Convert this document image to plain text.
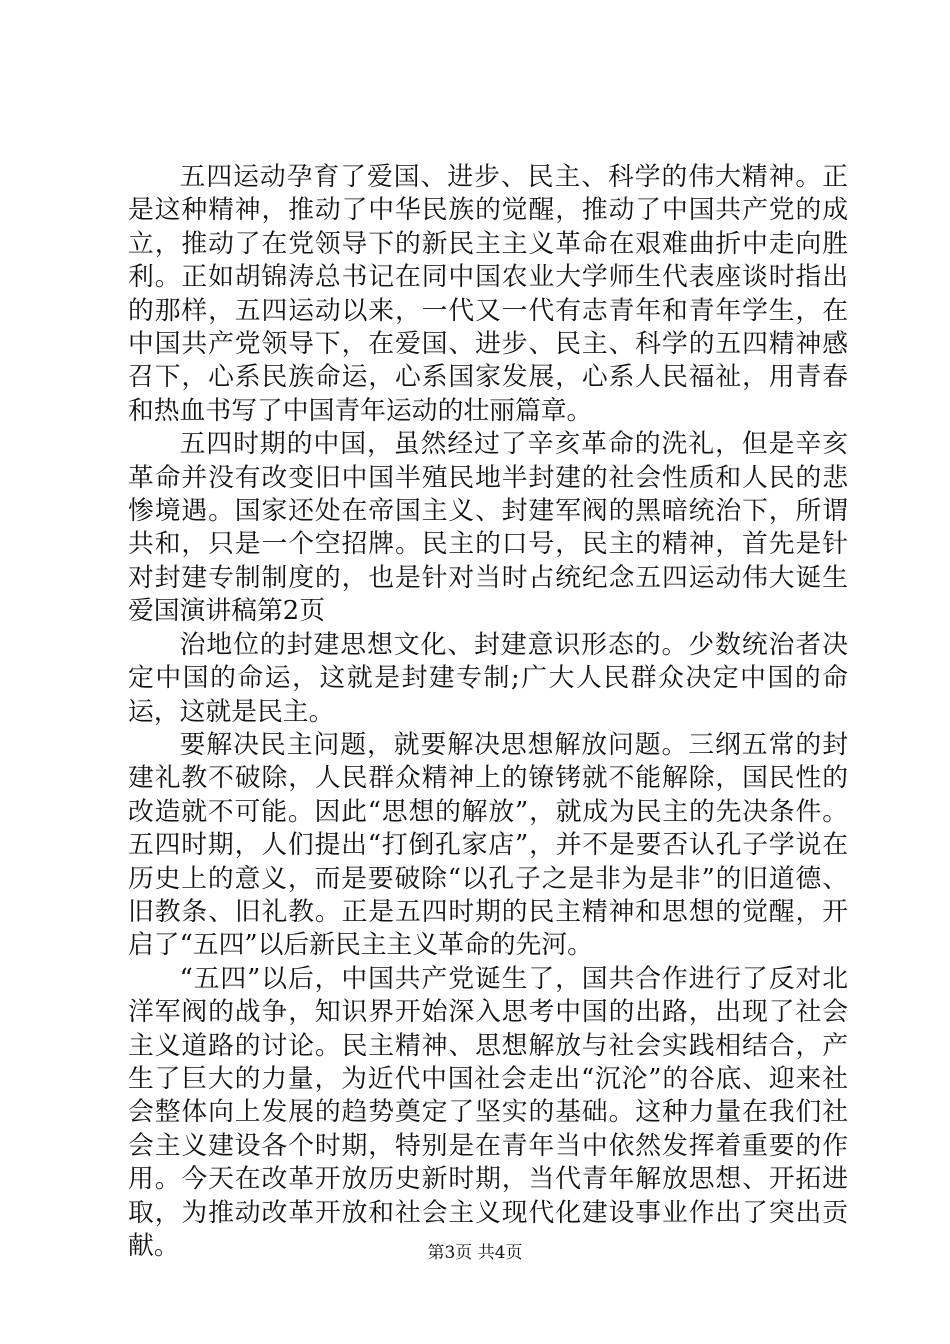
五四运动孕育了爱国、进步、民主、科学的伟大精神。正是这种精神，推动了中华民族的觉醒，推动了中国共产党的成立，推动了在党领导下的新民主主义革命在艰难曲折中走向胜利。正如胡锦涛总书记在同中国农业大学师生代表座谈时指出的那样，五四运动以来，一代又一代有志青年和青年学生，在中国共产党领导下，在爱国、进步、民主、科学的五四精神感召下，心系民族命运，心系国家发展，心系人民福祉，用青春和热血书写了中国青年运动的壮丽篇章。

五四时期的中国，虽然经过了辛亥革命的洗礼，但是辛亥革命并没有改变旧中国半殖民地半封建的社会性质和人民的悲惨境遇。国家还处在帝国主义、封建军阀的黑暗统治下，所谓共和，只是一个空招牌。民主的口号，民主的精神，首先是针对封建专制制度的，也是针对当时占统纪念五四运动伟大诞生爱国演讲稿第2页

治地位的封建思想文化、封建意识形态的。少数统治者决定中国的命运，这就是封建专制;广大人民群众决定中国的命运，这就是民主。

要解决民主问题，就要解决思想解放问题。三纲五常的封建礼教不破除，人民群众精神上的镣铐就不能解除，国民性的改造就不可能。因此“思想的解放”，就成为民主的先决条件。五四时期，人们提出“打倒孔家店”，并不是要否认孔子学说在历史上的意义，而是要破除“以孔子之是非为是非”的旧道德、旧教条、旧礼教。正是五四时期的民主精神和思想的觉醒，开启了“五四”以后新民主主义革命的先河。

“五四”以后，中国共产党诞生了，国共合作进行了反对北洋军阀的战争，知识界开始深入思考中国的出路，出现了社会主义道路的讨论。民主精神、思想解放与社会实践相结合，产生了巨大的力量，为近代中国社会走出“沉沦”的谷底、迎来社会整体向上发展的趋势奠定了坚实的基础。这种力量在我们社会主义建设各个时期，特别是在青年当中依然发挥着重要的作用。今天在改革开放历史新时期，当代青年解放思想、开拓进取，为推动改革开放和社会主义现代化建设事业作出了突出贡献。	第3页 共4页
